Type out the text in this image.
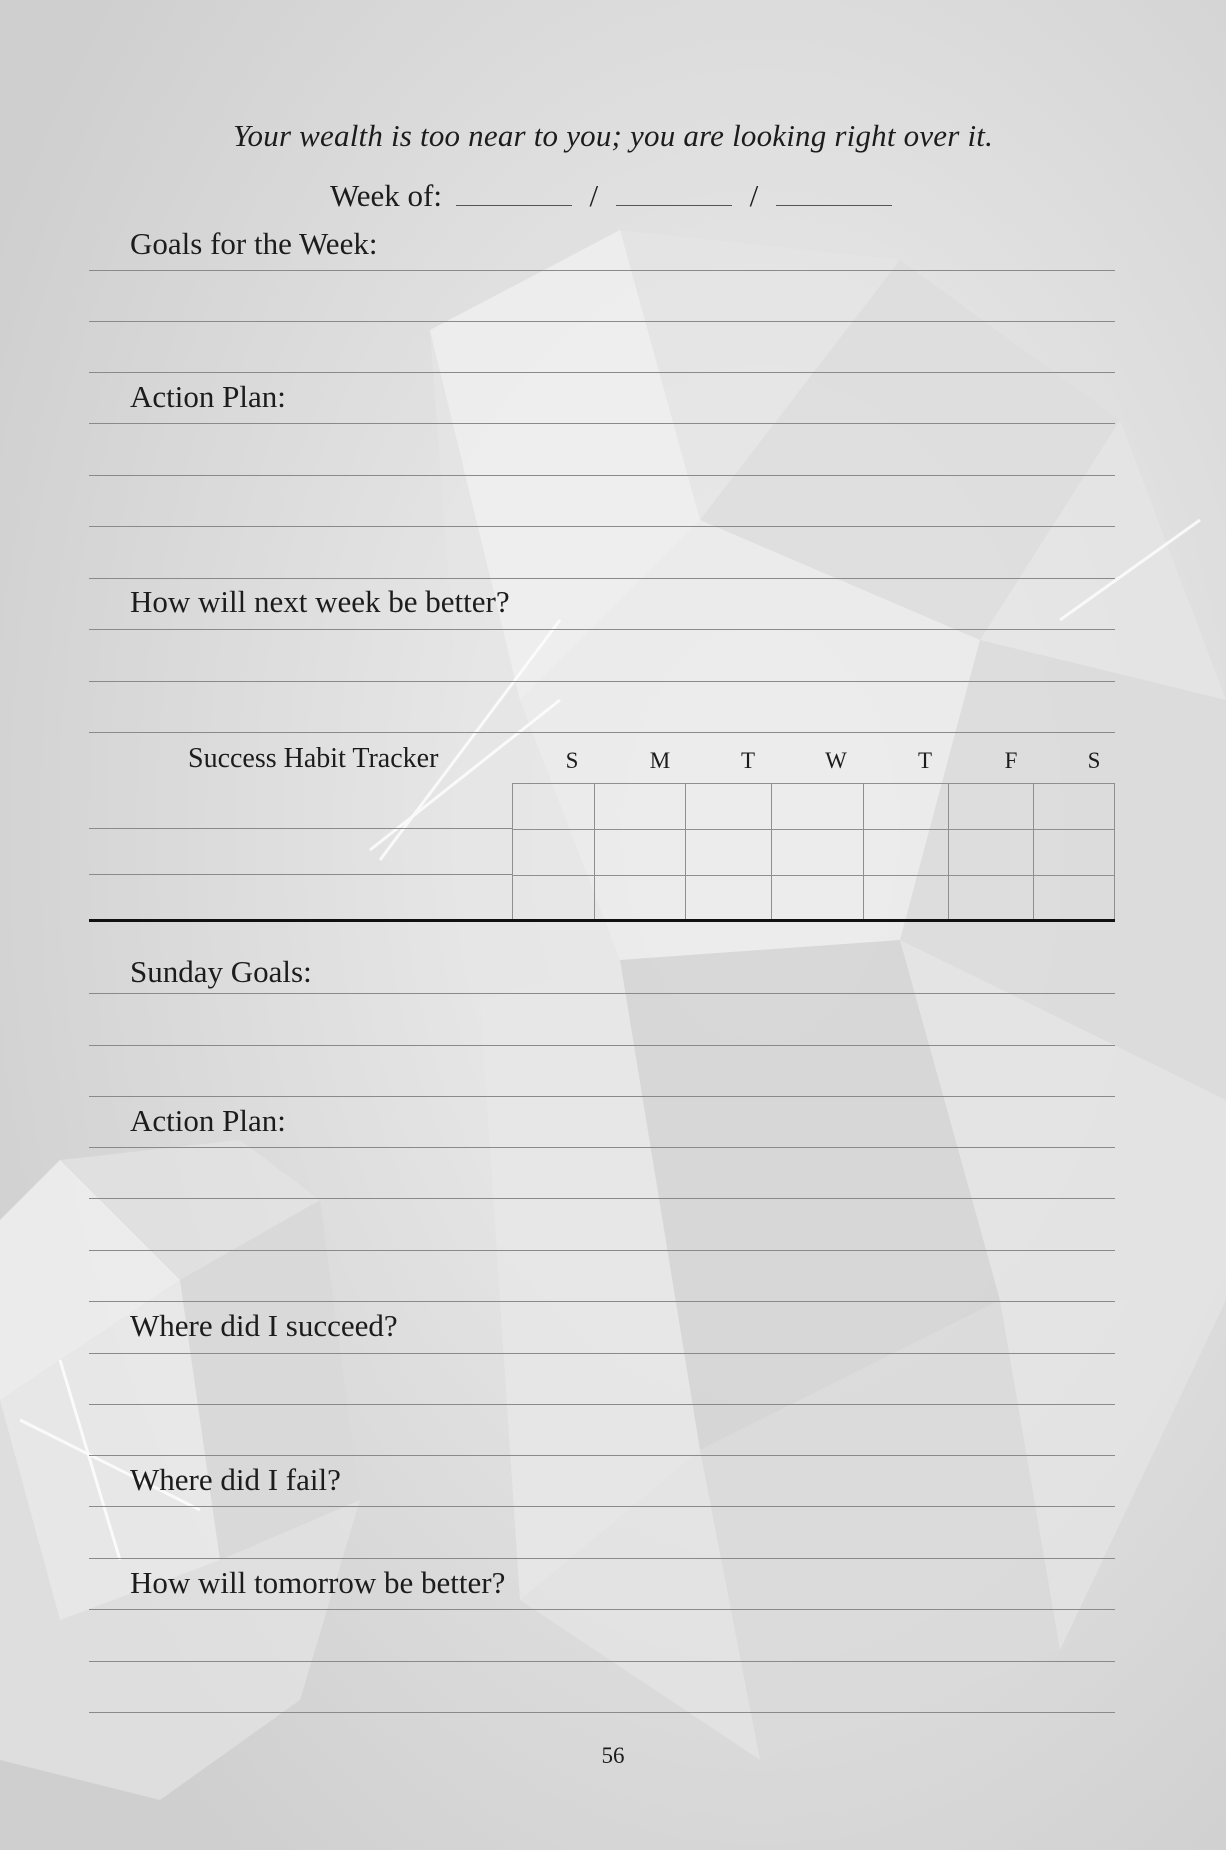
Your wealth is too near to you; you are looking right over it.
Week of:	/	/
Goals for the Week:
Action Plan:
How will next week be better?
Success Habit Tracker	S	M	T	W	T	F	S
Sunday Goals:
Action Plan:
Where did I succeed?
Where did I fail?
How will tomorrow be better?
56
